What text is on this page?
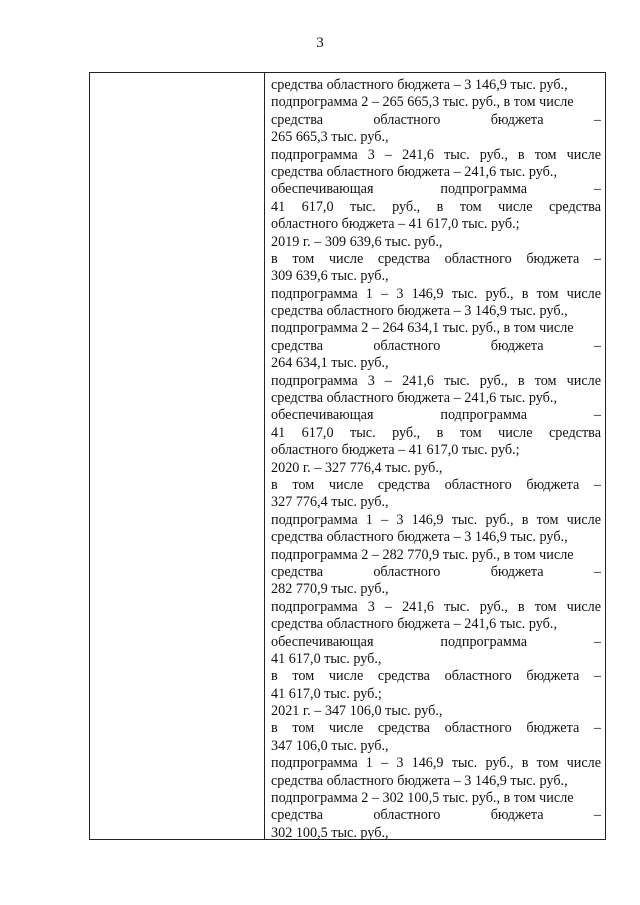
3
средства областного бюджета – 3 146,9 тыс. руб.,
подпрограмма 2 – 265 665,3 тыс. руб., в том числе
средства областного бюджета –
265 665,3 тыс. руб.,
подпрограмма 3 – 241,6 тыс. руб., в том числе
средства областного бюджета – 241,6 тыс. руб.,
обеспечивающая подпрограмма –
41 617,0 тыс. руб., в том числе средства
областного бюджета – 41 617,0 тыс. руб.;
2019 г. – 309 639,6 тыс. руб.,
в том числе средства областного бюджета –
309 639,6 тыс. руб.,
подпрограмма 1 – 3 146,9 тыс. руб., в том числе
средства областного бюджета – 3 146,9 тыс. руб.,
подпрограмма 2 – 264 634,1 тыс. руб., в том числе
средства областного бюджета –
264 634,1 тыс. руб.,
подпрограмма 3 – 241,6 тыс. руб., в том числе
средства областного бюджета – 241,6 тыс. руб.,
обеспечивающая подпрограмма –
41 617,0 тыс. руб., в том числе средства
областного бюджета – 41 617,0 тыс. руб.;
2020 г. – 327 776,4 тыс. руб.,
в том числе средства областного бюджета –
327 776,4 тыс. руб.,
подпрограмма 1 – 3 146,9 тыс. руб., в том числе
средства областного бюджета – 3 146,9 тыс. руб.,
подпрограмма 2 – 282 770,9 тыс. руб., в том числе
средства областного бюджета –
282 770,9 тыс. руб.,
подпрограмма 3 – 241,6 тыс. руб., в том числе
средства областного бюджета – 241,6 тыс. руб.,
обеспечивающая подпрограмма –
41 617,0 тыс. руб.,
в том числе средства областного бюджета –
41 617,0 тыс. руб.;
2021 г. – 347 106,0 тыс. руб.,
в том числе средства областного бюджета –
347 106,0 тыс. руб.,
подпрограмма 1 – 3 146,9 тыс. руб., в том числе
средства областного бюджета – 3 146,9 тыс. руб.,
подпрограмма 2 – 302 100,5 тыс. руб., в том числе
средства областного бюджета –
302 100,5 тыс. руб.,
